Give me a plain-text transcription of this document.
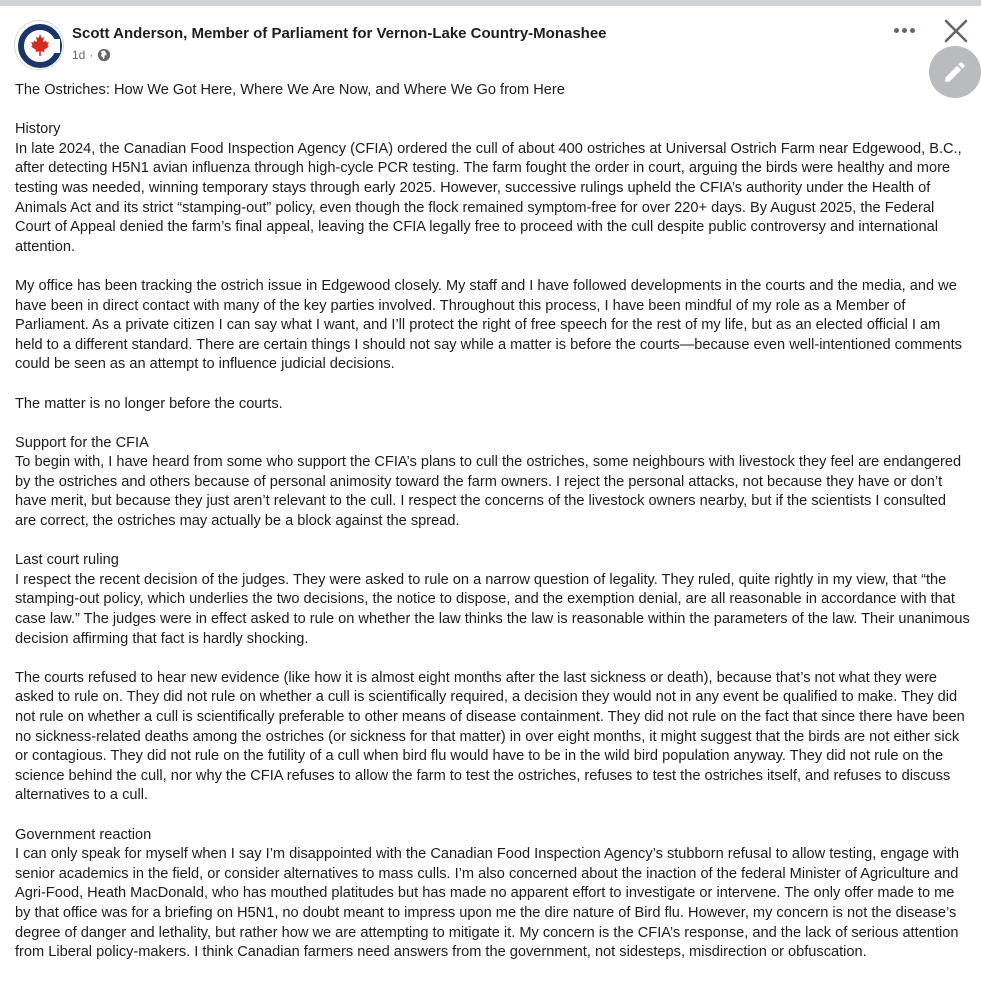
Scott Anderson, Member of Parliament for Vernon-Lake Country-Monashee
1d ·

The Ostriches: How We Got Here, Where We Are Now, and Where We Go from Here

History
In late 2024, the Canadian Food Inspection Agency (CFIA) ordered the cull of about 400 ostriches at Universal Ostrich Farm near Edgewood, B.C., after detecting H5N1 avian influenza through high-cycle PCR testing. The farm fought the order in court, arguing the birds were healthy and more testing was needed, winning temporary stays through early 2025. However, successive rulings upheld the CFIA’s authority under the Health of Animals Act and its strict “stamping-out” policy, even though the flock remained symptom-free for over 220+ days. By August 2025, the Federal Court of Appeal denied the farm’s final appeal, leaving the CFIA legally free to proceed with the cull despite public controversy and international attention.

My office has been tracking the ostrich issue in Edgewood closely. My staff and I have followed developments in the courts and the media, and we have been in direct contact with many of the key parties involved. Throughout this process, I have been mindful of my role as a Member of Parliament. As a private citizen I can say what I want, and I’ll protect the right of free speech for the rest of my life, but as an elected official I am held to a different standard. There are certain things I should not say while a matter is before the courts—because even well-intentioned comments could be seen as an attempt to influence judicial decisions.

The matter is no longer before the courts.

Support for the CFIA
To begin with, I have heard from some who support the CFIA’s plans to cull the ostriches, some neighbours with livestock they feel are endangered by the ostriches and others because of personal animosity toward the farm owners. I reject the personal attacks, not because they have or don’t have merit, but because they just aren’t relevant to the cull. I respect the concerns of the livestock owners nearby, but if the scientists I consulted are correct, the ostriches may actually be a block against the spread.

Last court ruling
I respect the recent decision of the judges. They were asked to rule on a narrow question of legality. They ruled, quite rightly in my view, that “the stamping-out policy, which underlies the two decisions, the notice to dispose, and the exemption denial, are all reasonable in accordance with that case law.” The judges were in effect asked to rule on whether the law thinks the law is reasonable within the parameters of the law. Their unanimous decision affirming that fact is hardly shocking.

The courts refused to hear new evidence (like how it is almost eight months after the last sickness or death), because that’s not what they were asked to rule on. They did not rule on whether a cull is scientifically required, a decision they would not in any event be qualified to make. They did not rule on whether a cull is scientifically preferable to other means of disease containment. They did not rule on the fact that since there have been no sickness-related deaths among the ostriches (or sickness for that matter) in over eight months, it might suggest that the birds are not either sick or contagious. They did not rule on the futility of a cull when bird flu would have to be in the wild bird population anyway. They did not rule on the science behind the cull, nor why the CFIA refuses to allow the farm to test the ostriches, refuses to test the ostriches itself, and refuses to discuss alternatives to a cull.

Government reaction
I can only speak for myself when I say I’m disappointed with the Canadian Food Inspection Agency’s stubborn refusal to allow testing, engage with senior academics in the field, or consider alternatives to mass culls. I’m also concerned about the inaction of the federal Minister of Agriculture and Agri-Food, Heath MacDonald, who has mouthed platitudes but has made no apparent effort to investigate or intervene. The only offer made to me by that office was for a briefing on H5N1, no doubt meant to impress upon me the dire nature of Bird flu. However, my concern is not the disease’s degree of danger and lethality, but rather how we are attempting to mitigate it. My concern is the CFIA’s response, and the lack of serious attention from Liberal policy-makers. I think Canadian farmers need answers from the government, not sidesteps, misdirection or obfuscation.
